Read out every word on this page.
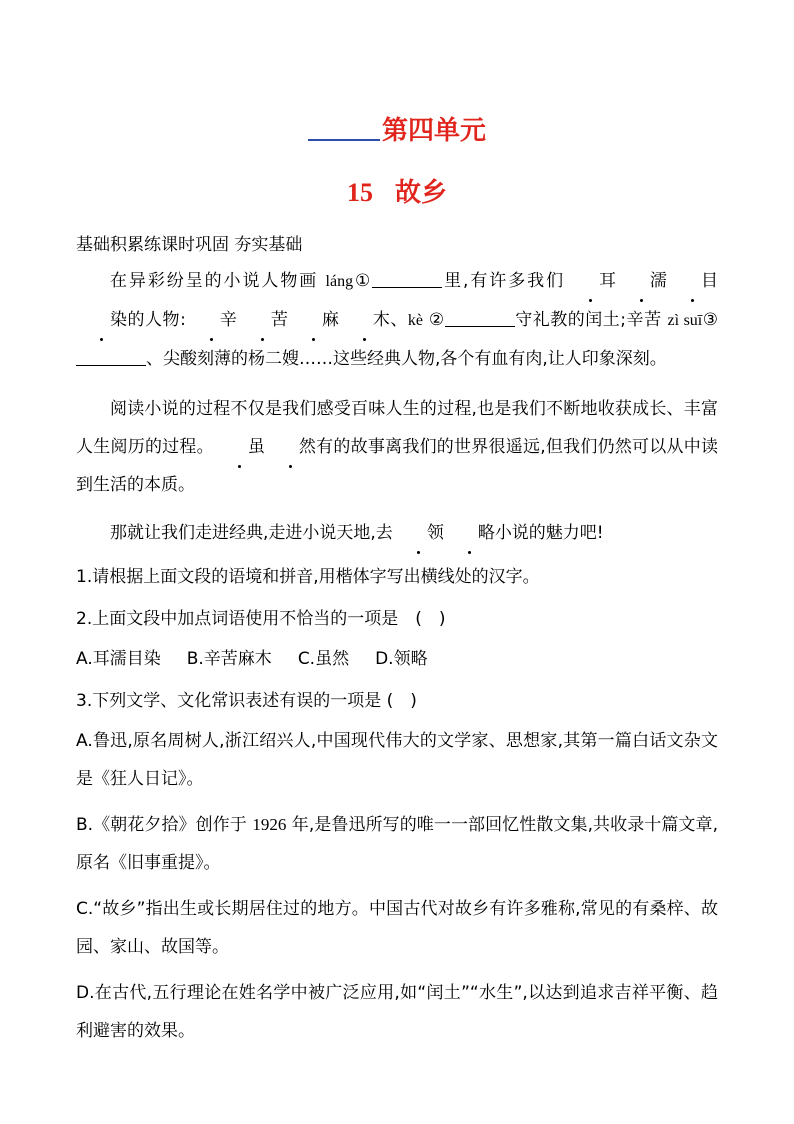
第四单元
15 故乡
基础积累练课时巩固 夯实基础
在异彩纷呈的小说人物画 láng①	里,有许多我们 耳 濡 目染的人物: 辛 苦 麻 木、kè ②	守礼教的闰土;辛苦 zì suī③、尖酸刻薄的杨二嫂……这些经典人物,各个有血有肉,让人印象深刻。
阅读小说的过程不仅是我们感受百味人生的过程,也是我们不断地收获成长、丰富人生阅历的过程。 虽 然有的故事离我们的世界很遥远,但我们仍然可以从中读到生活的本质。
那就让我们走进经典,走进小说天地,去 领 略小说的魅力吧!
1.请根据上面文段的语境和拼音,用楷体字写出横线处的汉字。
2.上面文段中加点词语使用不恰当的一项是　(　)
A.耳濡目染 B.辛苦麻木 C.虽然 D.领略
3.下列文学、文化常识表述有误的一项是 (　)
A.鲁迅,原名周树人,浙江绍兴人,中国现代伟大的文学家、思想家,其第一篇白话文杂文是《狂人日记》。
B.《朝花夕拾》创作于 1926 年,是鲁迅所写的唯一一部回忆性散文集,共收录十篇文章,原名《旧事重提》。
C.“故乡”指出生或长期居住过的地方。中国古代对故乡有许多雅称,常见的有桑梓、故园、家山、故国等。
D.在古代,五行理论在姓名学中被广泛应用,如“闰土”“水生”,以达到追求吉祥平衡、趋利避害的效果。
